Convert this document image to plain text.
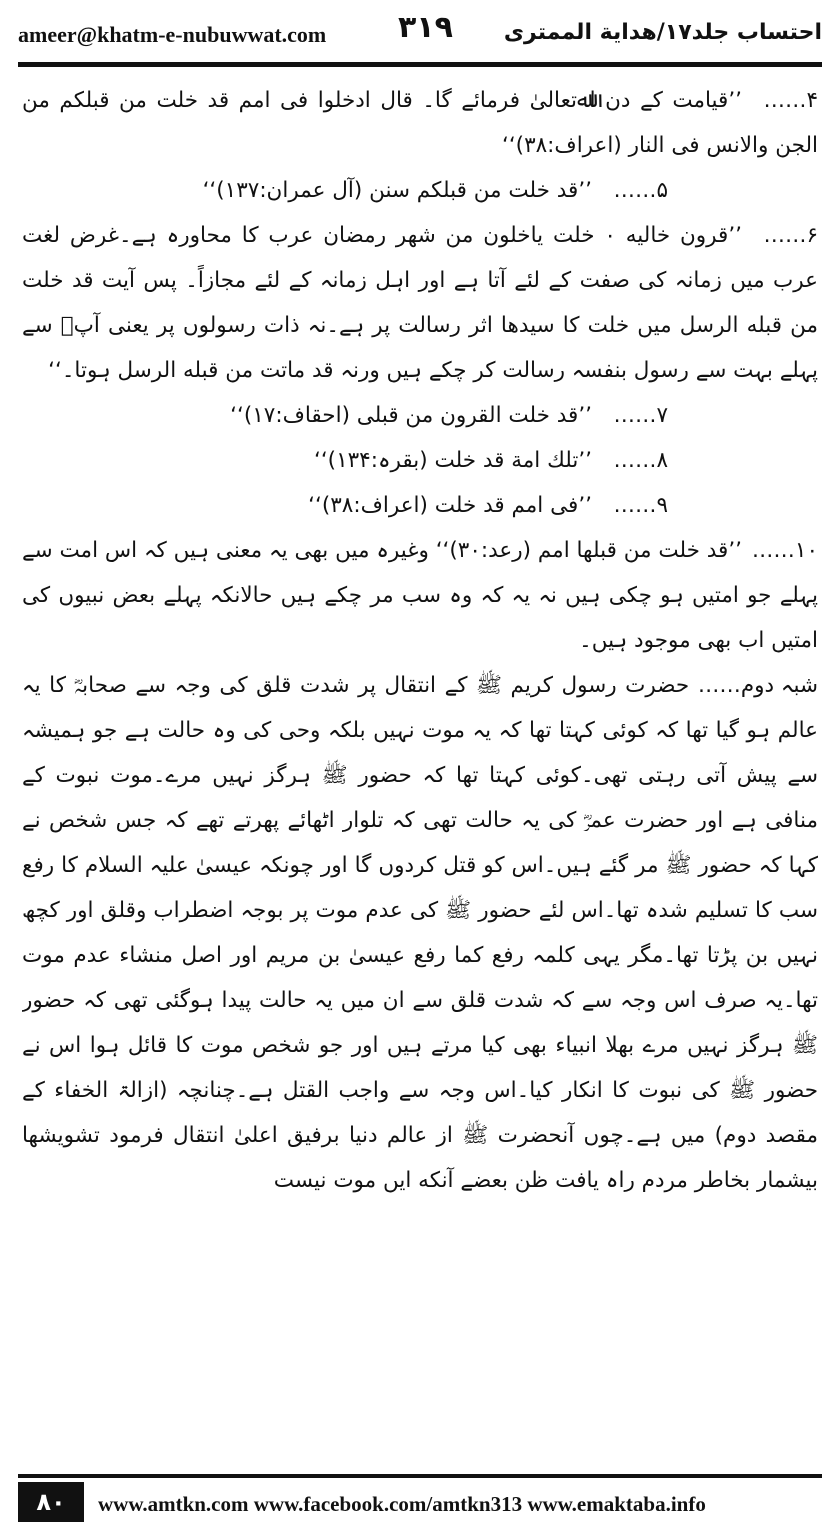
ameer@khatm-e-nubuwwat.com ۳۱۹ احتساب جلد۱۷/هدایة الممتری

۴……’’قیامت کے دن اﷲتعالیٰ فرمائے گا۔ قال ادخلوا فی امم قد خلت من قبلکم من الجن والانس فی النار (اعراف:۳۸)‘‘

۵……’’قد خلت من قبلکم سنن (آل عمران:۱۳۷)‘‘

۶……’’قرون خالیه ۰ خلت یاخلون من شهر رمضان عرب کا محاورہ ہے۔غرض لغت عرب میں زمانہ کی صفت کے لئے آتا ہے اور اہل زمانہ کے لئے مجازاً۔ پس آیت قد خلت من قبله الرسل میں خلت کا سیدھا اثر رسالت پر ہے۔نہ ذات رسولوں پر یعنی آپؐ سے پہلے بہت سے رسول بنفسہ رسالت کر چکے ہیں ورنہ قد ماتت من قبله الرسل ہوتا۔‘‘

۷……’’قد خلت القرون من قبلی (احقاف:۱۷)‘‘

۸……’’تلك امة قد خلت (بقرہ:۱۳۴)‘‘

۹……’’فی امم قد خلت (اعراف:۳۸)‘‘

۱۰……’’قد خلت من قبلها امم (رعد:۳۰)‘‘ وغیرہ میں بھی یہ معنی ہیں کہ اس امت سے پہلے جو امتیں ہو چکی ہیں نہ یہ کہ وہ سب مر چکے ہیں حالانکہ پہلے بعض نبیوں کی امتیں اب بھی موجود ہیں۔

شبہ دوم…… حضرت رسول کریم ﷺ کے انتقال پر شدت قلق کی وجہ سے صحابہؓ کا یہ عالم ہو گیا تھا کہ کوئی کہتا تھا کہ یہ موت نہیں بلکہ وحی کی وہ حالت ہے جو ہمیشہ سے پیش آتی رہتی تھی۔کوئی کہتا تھا کہ حضور ﷺ ہرگز نہیں مرے۔موت نبوت کے منافی ہے اور حضرت عمرؓ کی یہ حالت تھی کہ تلوار اٹھائے پھرتے تھے کہ جس شخص نے کہا کہ حضور ﷺ مر گئے ہیں۔اس کو قتل کردوں گا اور چونکہ عیسیٰ علیہ السلام کا رفع سب کا تسلیم شدہ تھا۔اس لئے حضور ﷺ کی عدم موت پر بوجہ اضطراب وقلق اور کچھ نہیں بن پڑتا تھا۔مگر یہی کلمہ رفع کما رفع عیسیٰ بن مریم اور اصل منشاء عدم موت تھا۔یہ صرف اس وجہ سے کہ شدت قلق سے ان میں یہ حالت پیدا ہوگئی تھی کہ حضور ﷺ ہرگز نہیں مرے بھلا انبیاء بھی کیا مرتے ہیں اور جو شخص موت کا قائل ہوا اس نے حضور ﷺ کی نبوت کا انکار کیا۔اس وجہ سے واجب القتل ہے۔چنانچہ (ازالۃ الخفاء کے مقصد دوم) میں ہے۔چوں آنحضرت ﷺ از عالم دنیا برفیق اعلیٰ انتقال فرمود تشویشها بیشمار بخاطر مردم راہ یافت ظن بعضے آنکه ایں موت نیست

۸۰	www.amtkn.com www.facebook.com/amtkn313 www.emaktaba.info
